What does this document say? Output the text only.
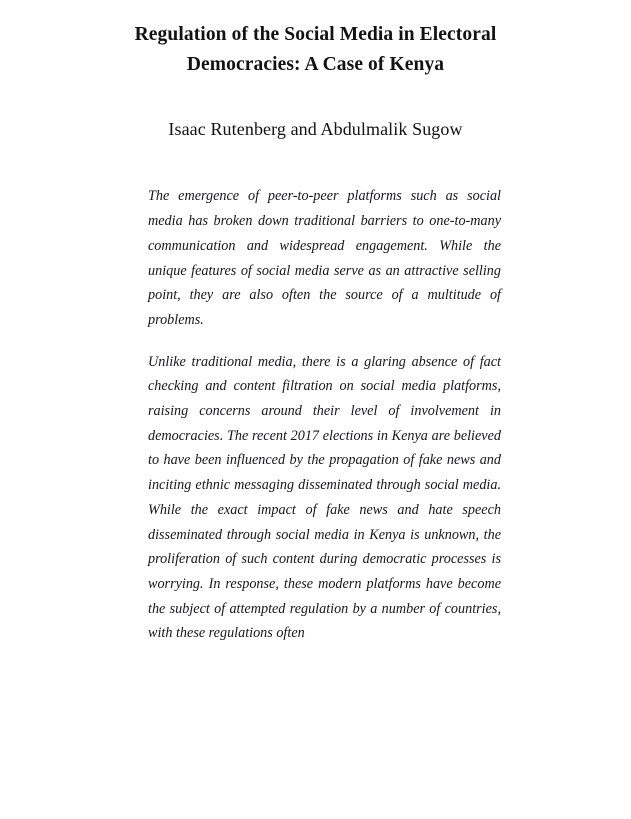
Regulation of the Social Media in Electoral
Democracies: A Case of Kenya
Isaac Rutenberg and Abdulmalik Sugow

The emergence of peer-to-peer platforms such as social media has broken down traditional barriers to one-to-many communication and widespread engagement. While the unique features of social media serve as an attractive selling point, they are also often the source of a multitude of problems.

Unlike traditional media, there is a glaring absence of fact checking and content filtration on social media platforms, raising concerns around their level of involvement in democracies. The recent 2017 elections in Kenya are believed to have been influenced by the propagation of fake news and inciting ethnic messaging disseminated through social media. While the exact impact of fake news and hate speech disseminated through social media in Kenya is unknown, the proliferation of such content during democratic processes is worrying. In response, these modern platforms have become the subject of attempted regulation by a number of countries, with these regulations often
